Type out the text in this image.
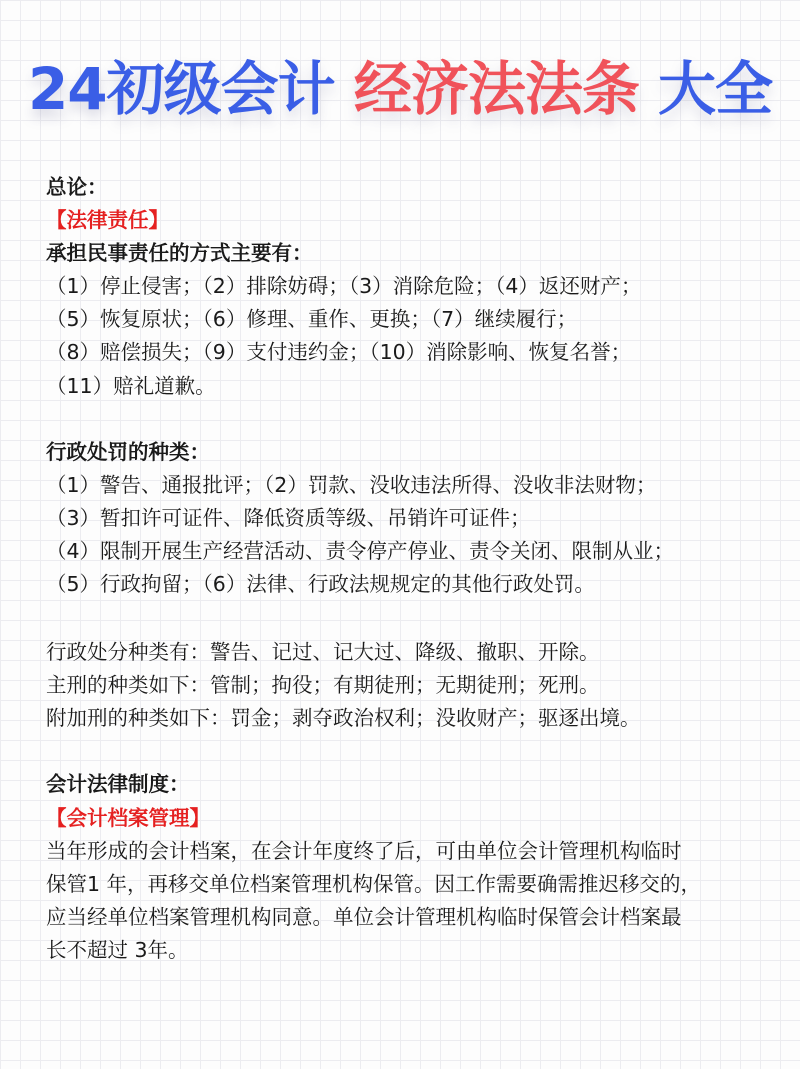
24初级会计 经济法法条 大全
总论：
【法律责任】
承担民事责任的方式主要有：
（1）停止侵害；（2）排除妨碍；（3）消除危险；（4）返还财产；
（5）恢复原状；（6）修理、重作、更换；（7）继续履行；
（8）赔偿损失；（9）支付违约金；（10）消除影响、恢复名誉；
（11）赔礼道歉。
行政处罚的种类：
（1）警告、通报批评；（2）罚款、没收违法所得、没收非法财物；
（3）暂扣许可证件、降低资质等级、吊销许可证件；
（4）限制开展生产经营活动、责令停产停业、责令关闭、限制从业；
（5）行政拘留；（6）法律、行政法规规定的其他行政处罚。
行政处分种类有：警告、记过、记大过、降级、撤职、开除。
主刑的种类如下：管制；拘役；有期徒刑；无期徒刑；死刑。
附加刑的种类如下：罚金；剥夺政治权利；没收财产；驱逐出境。
会计法律制度：
【会计档案管理】
当年形成的会计档案，在会计年度终了后，可由单位会计管理机构临时
保管1 年，再移交单位档案管理机构保管。因工作需要确需推迟移交的，
应当经单位档案管理机构同意。单位会计管理机构临时保管会计档案最
长不超过 3年。
